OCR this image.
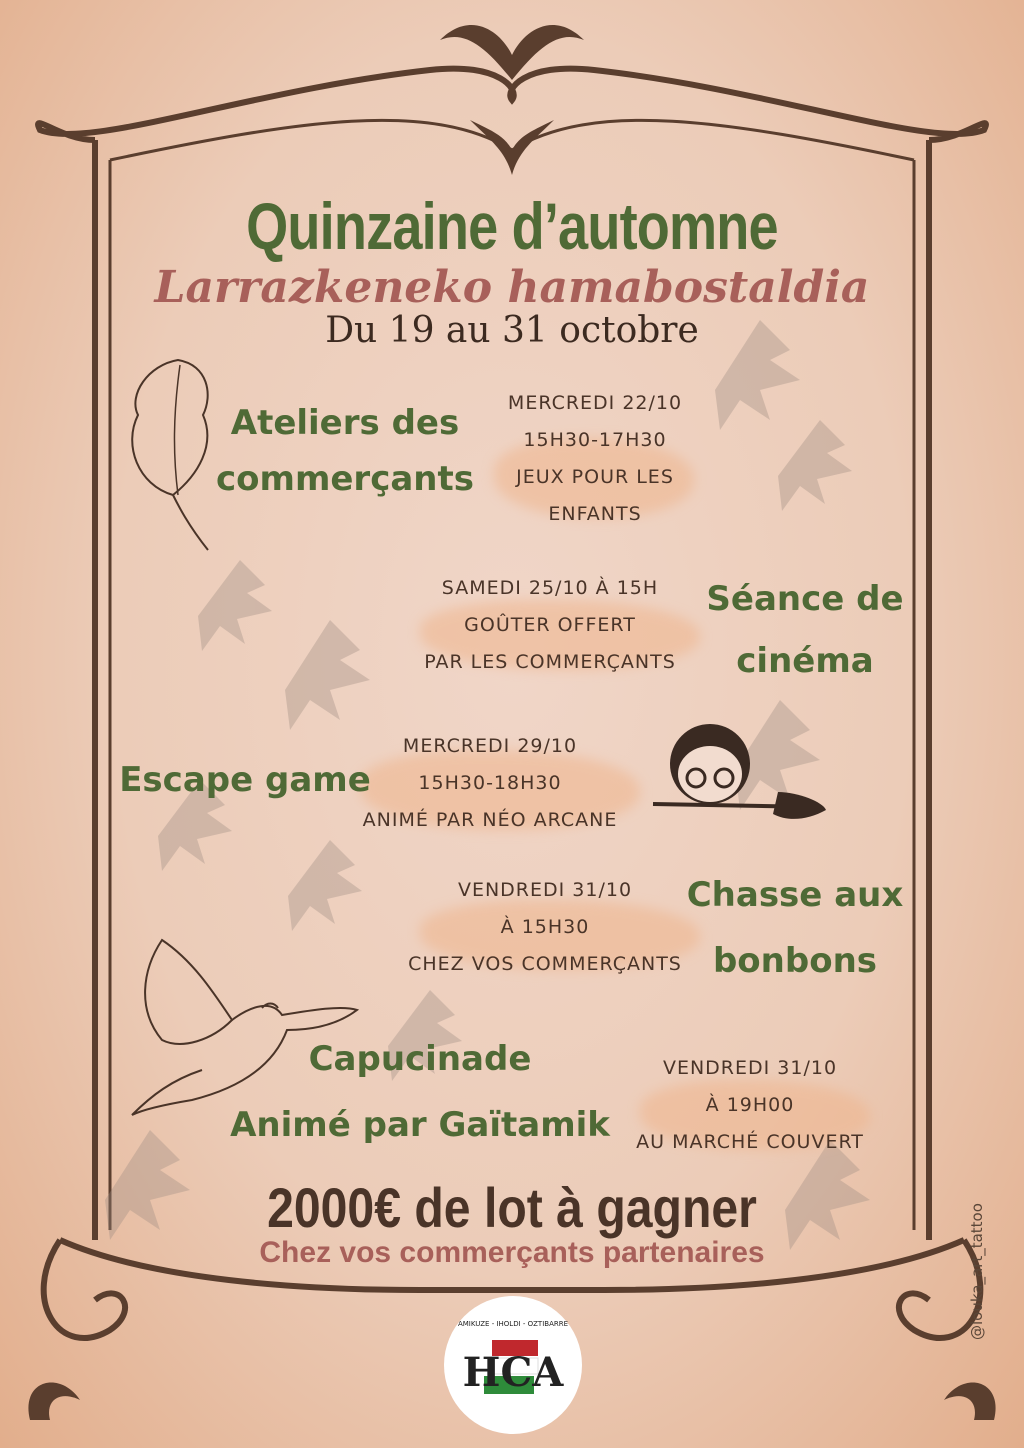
Quinzaine d’automne
Larrazkeneko hamabostaldia
Du 19 au 31 octobre
Ateliers des
commerçants
MERCREDI 22/10
15H30-17H30
JEUX POUR LES
ENFANTS
SAMEDI 25/10 À 15H
GOÛTER OFFERT
PAR LES COMMERÇANTS
Séance de
cinéma
Escape game
MERCREDI 29/10
15H30-18H30
ANIMÉ PAR NÉO ARCANE
VENDREDI 31/10
À 15H30
CHEZ VOS COMMERÇANTS
Chasse aux
bonbons
Capucinade
Animé par Gaïtamik
VENDREDI 31/10
À 19H00
AU MARCHÉ COUVERT
2000€ de lot à gagner
Chez vos commerçants partenaires	@louka_art_tattoo
HCA
AMIKUZE - IHOLDI - OZTIBARRE
